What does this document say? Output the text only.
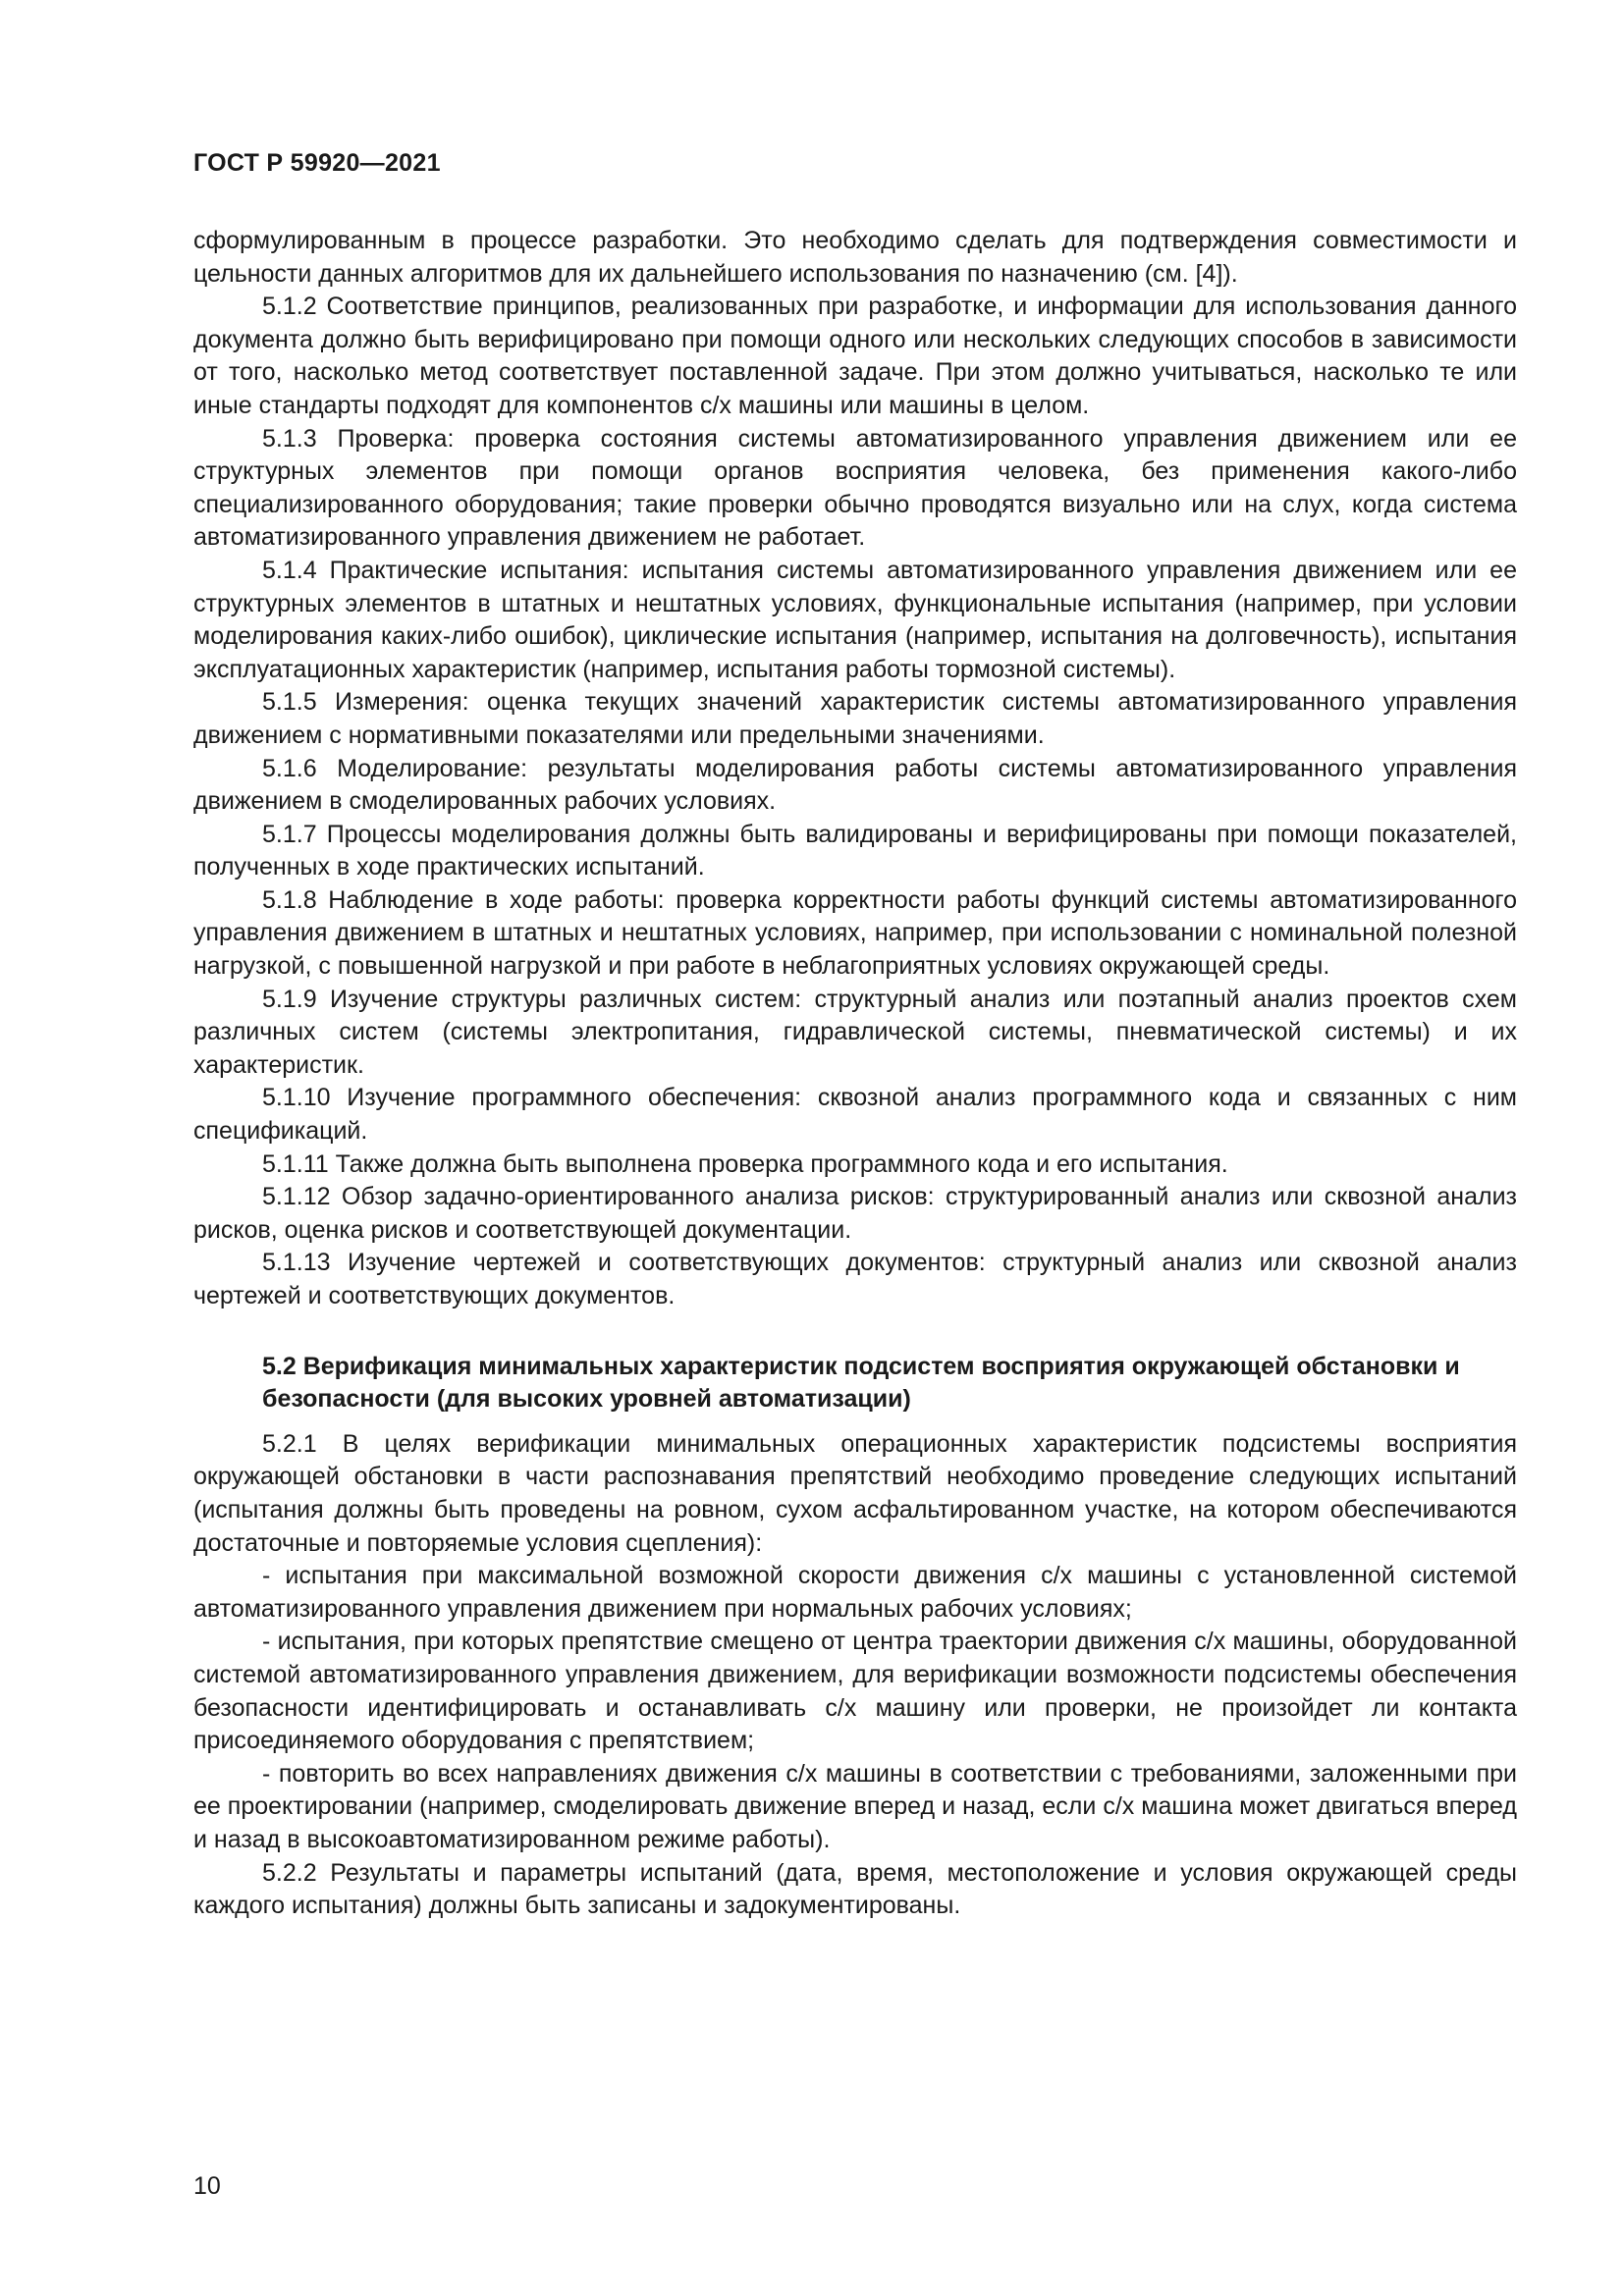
ГОСТ Р 59920—2021

сформулированным в процессе разработки. Это необходимо сделать для подтверждения совместимости и цельности данных алгоритмов для их дальнейшего использования по назначению (см. [4]).

5.1.2 Соответствие принципов, реализованных при разработке, и информации для использования данного документа должно быть верифицировано при помощи одного или нескольких следующих способов в зависимости от того, насколько метод соответствует поставленной задаче. При этом должно учитываться, насколько те или иные стандарты подходят для компонентов с/х машины или машины в целом.

5.1.3 Проверка: проверка состояния системы автоматизированного управления движением или ее структурных элементов при помощи органов восприятия человека, без применения какого-либо специализированного оборудования; такие проверки обычно проводятся визуально или на слух, когда система автоматизированного управления движением не работает.

5.1.4 Практические испытания: испытания системы автоматизированного управления движением или ее структурных элементов в штатных и нештатных условиях, функциональные испытания (например, при условии моделирования каких-либо ошибок), циклические испытания (например, испытания на долговечность), испытания эксплуатационных характеристик (например, испытания работы тормозной системы).

5.1.5 Измерения: оценка текущих значений характеристик системы автоматизированного управления движением с нормативными показателями или предельными значениями.

5.1.6 Моделирование: результаты моделирования работы системы автоматизированного управления движением в смоделированных рабочих условиях.

5.1.7 Процессы моделирования должны быть валидированы и верифицированы при помощи показателей, полученных в ходе практических испытаний.

5.1.8 Наблюдение в ходе работы: проверка корректности работы функций системы автоматизированного управления движением в штатных и нештатных условиях, например, при использовании с номинальной полезной нагрузкой, с повышенной нагрузкой и при работе в неблагоприятных условиях окружающей среды.

5.1.9 Изучение структуры различных систем: структурный анализ или поэтапный анализ проектов схем различных систем (системы электропитания, гидравлической системы, пневматической системы) и их характеристик.

5.1.10 Изучение программного обеспечения: сквозной анализ программного кода и связанных с ним спецификаций.

5.1.11 Также должна быть выполнена проверка программного кода и его испытания.

5.1.12 Обзор задачно-ориентированного анализа рисков: структурированный анализ или сквозной анализ рисков, оценка рисков и соответствующей документации.

5.1.13 Изучение чертежей и соответствующих документов: структурный анализ или сквозной анализ чертежей и соответствующих документов.

5.2 Верификация минимальных характеристик подсистем восприятия окружающей обстановки и безопасности (для высоких уровней автоматизации)

5.2.1 В целях верификации минимальных операционных характеристик подсистемы восприятия окружающей обстановки в части распознавания препятствий необходимо проведение следующих испытаний (испытания должны быть проведены на ровном, сухом асфальтированном участке, на котором обеспечиваются достаточные и повторяемые условия сцепления):

- испытания при максимальной возможной скорости движения с/х машины с установленной системой автоматизированного управления движением при нормальных рабочих условиях;

- испытания, при которых препятствие смещено от центра траектории движения с/х машины, оборудованной системой автоматизированного управления движением, для верификации возможности подсистемы обеспечения безопасности идентифицировать и останавливать с/х машину или проверки, не произойдет ли контакта присоединяемого оборудования с препятствием;

- повторить во всех направлениях движения с/х машины в соответствии с требованиями, заложенными при ее проектировании (например, смоделировать движение вперед и назад, если с/х машина может двигаться вперед и назад в высокоавтоматизированном режиме работы).

5.2.2 Результаты и параметры испытаний (дата, время, местоположение и условия окружающей среды каждого испытания) должны быть записаны и задокументированы.

10
